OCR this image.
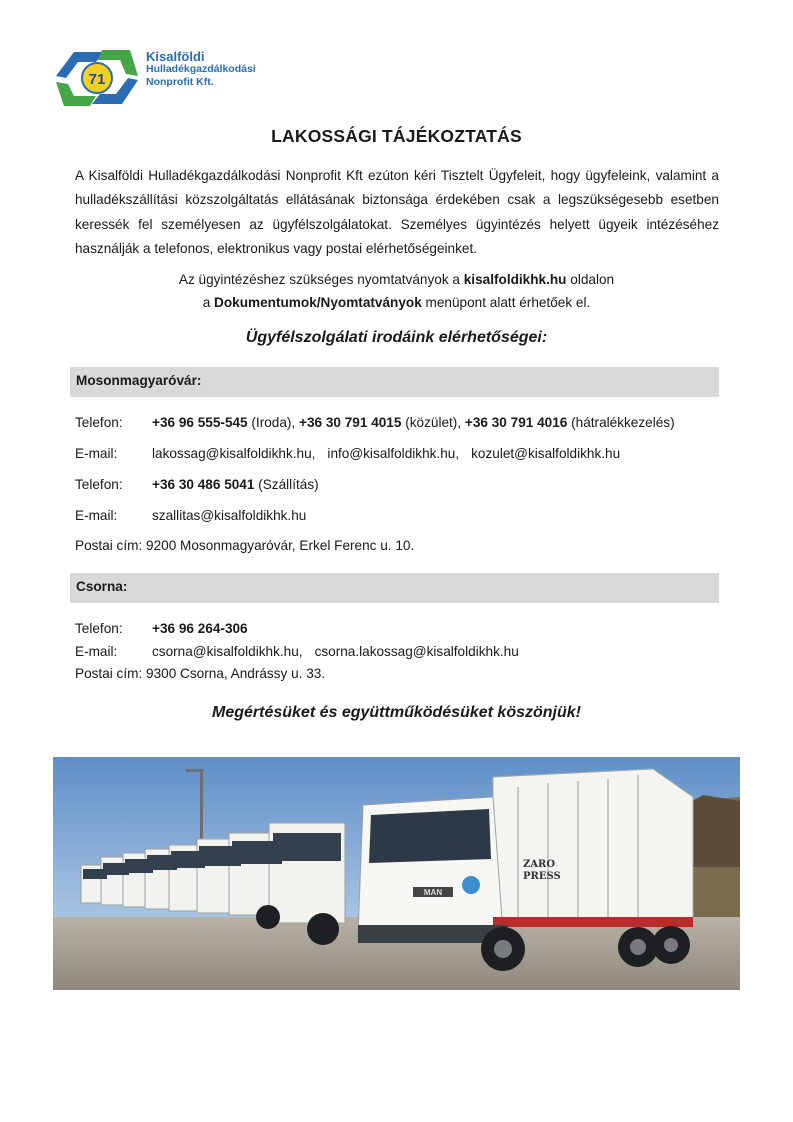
71
Kisalföldi
Hulladékgazdálkodási
Nonprofit Kft.
LAKOSSÁGI TÁJÉKOZTATÁS

A Kisalföldi Hulladékgazdálkodási Nonprofit Kft ezúton kéri Tisztelt Ügyfeleit, hogy ügyfeleink, valamint a hulladékszállítási közszolgáltatás ellátásának biztonsága érdekében csak a legszükségesebb esetben keressék fel személyesen az ügyfélszolgálatokat. Személyes ügyintézés helyett ügyeik intézéséhez használják a telefonos, elektronikus vagy postai elérhetőségeinket.

Az ügyintézéshez szükséges nyomtatványok a kisalfoldikhk.hu oldalon
a Dokumentumok/Nyomtatványok menüpont alatt érhetőek el.
Ügyfélszolgálati irodáink elérhetőségei:
Mosonmagyaróvár:
Telefon: +36 96 555-545 (Iroda), +36 30 791 4015 (közület), +36 30 791 4016 (hátralékkezelés)
E-mail:	lakossag@kisalfoldikhk.hu, info@kisalfoldikhk.hu, kozulet@kisalfoldikhk.hu
Telefon: +36 30 486 5041 (Szállítás)
E-mail:	szallitas@kisalfoldikhk.hu
Postai cím: 9200 Mosonmagyaróvár, Erkel Ferenc u. 10.
Csorna:
Telefon: +36 96 264-306
E-mail:	csorna@kisalfoldikhk.hu, csorna.lakossag@kisalfoldikhk.hu
Postai cím: 9300 Csorna, Andrássy u. 33.
Megértésüket és együttműködésüket köszönjük!
MAN
ZARO
PRESS
